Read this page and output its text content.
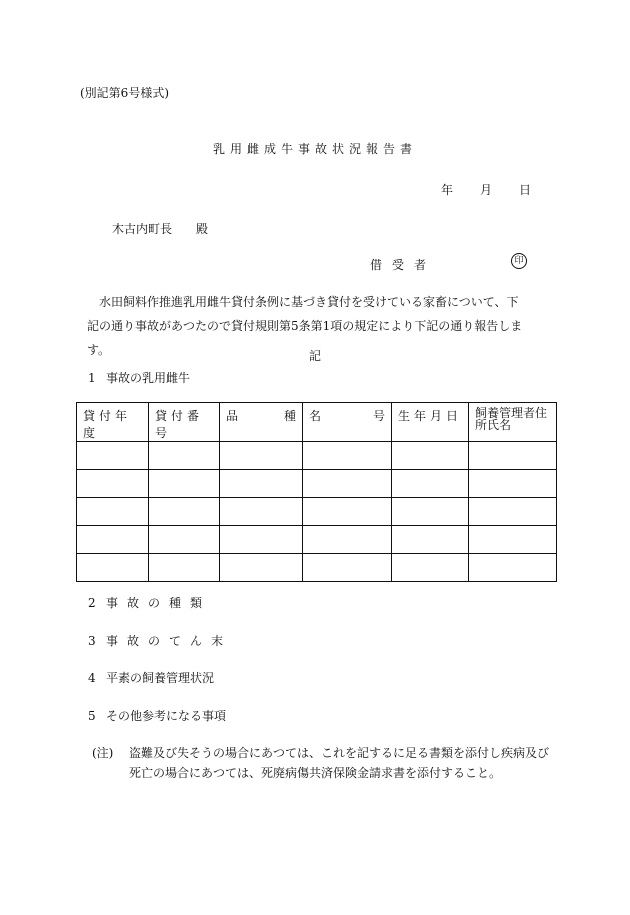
(別記第6号様式)
乳用雌成牛事故状況報告書
年 月 日
木古内町長 殿
借受者	印
水田飼料作推進乳用雌牛貸付条例に基づき貸付を受けている家畜について、下記の通り事故があつたので貸付規則第5条第1項の規定により下記の通り報告します。	記
1 事故の乳用雌牛
貸付年度	貸付番号	品 種	名 号	生年月日	飼養管理者住所氏名

2 事故の種類
3 事故のてん末
4 平素の飼養管理状況
5 その他参考になる事項
(注) 盗難及び失そうの場合にあつては、これを記するに足る書類を添付し疾病及び死亡の場合にあつては、死廃病傷共済保険金請求書を添付すること。
